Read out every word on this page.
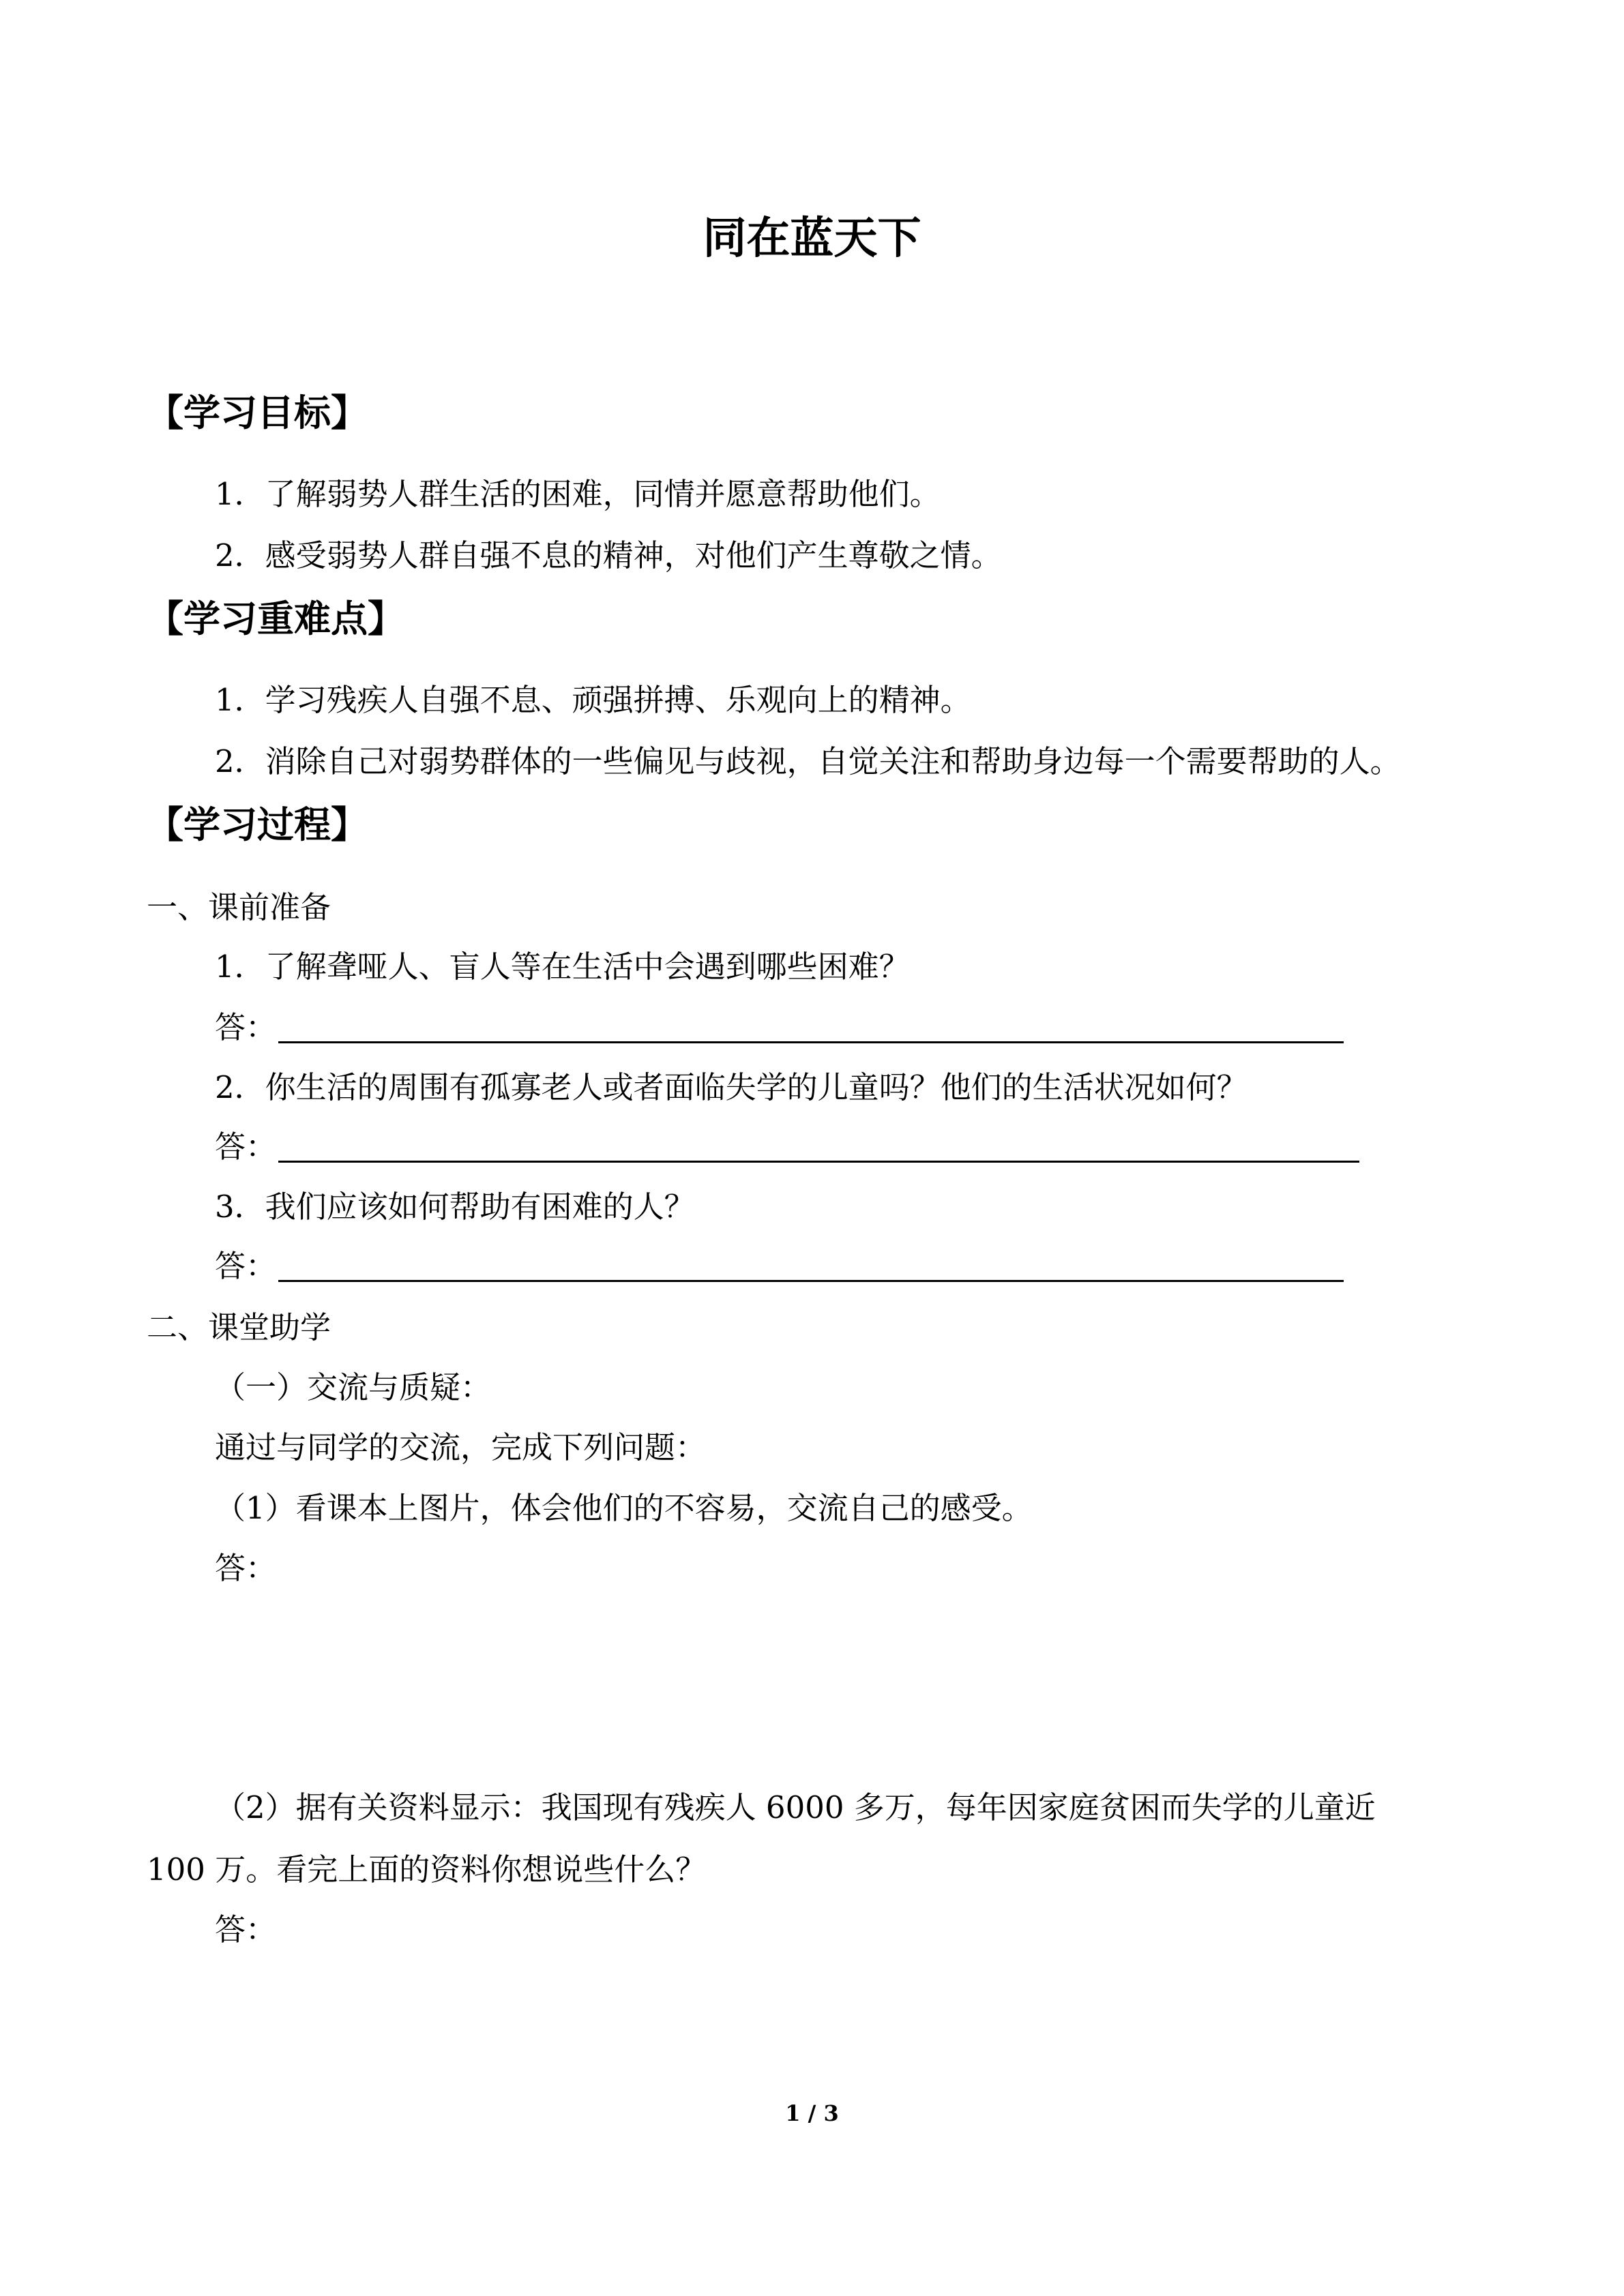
同在蓝天下
【学习目标】
1．了解弱势人群生活的困难，同情并愿意帮助他们。
2．感受弱势人群自强不息的精神，对他们产生尊敬之情。
【学习重难点】
1．学习残疾人自强不息、顽强拼搏、乐观向上的精神。
2．消除自己对弱势群体的一些偏见与歧视，自觉关注和帮助身边每一个需要帮助的人。
【学习过程】
一、课前准备
1．了解聋哑人、盲人等在生活中会遇到哪些困难？
答：
2．你生活的周围有孤寡老人或者面临失学的儿童吗？他们的生活状况如何？
答：
3．我们应该如何帮助有困难的人？
答：
二、课堂助学
（一）交流与质疑：
通过与同学的交流，完成下列问题：
（1）看课本上图片，体会他们的不容易，交流自己的感受。
答：
（2）据有关资料显示：我国现有残疾人 6000 多万，每年因家庭贫困而失学的儿童近
100 万。看完上面的资料你想说些什么？
答：
1 / 3
